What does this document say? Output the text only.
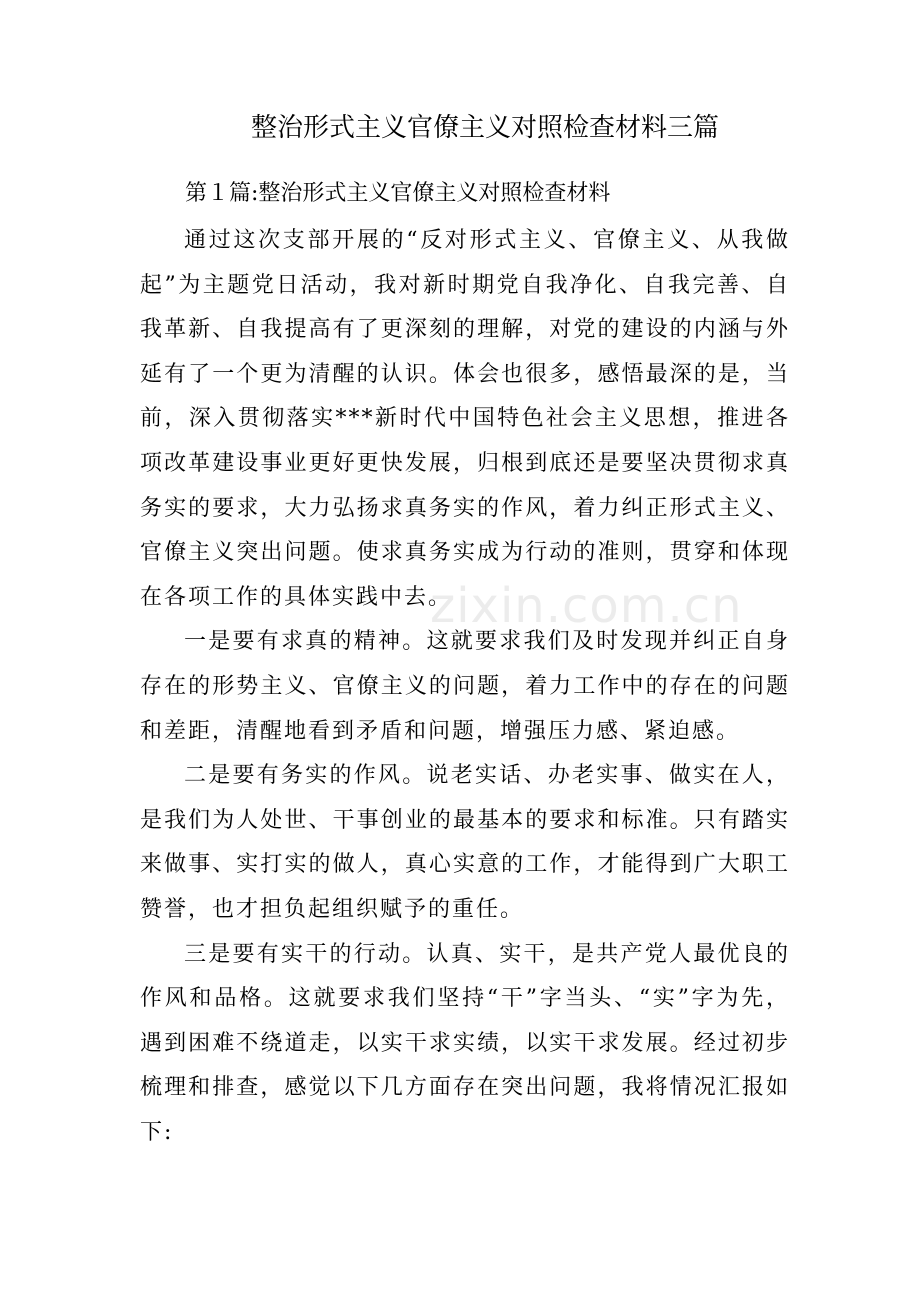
整治形式主义官僚主义对照检查材料三篇
第１篇:整治形式主义官僚主义对照检查材料

通过这次支部开展的“反对形式主义、官僚主义、从我做起”为主题党日活动，我对新时期党自我净化、自我完善、自我革新、自我提高有了更深刻的理解，对党的建设的内涵与外延有了一个更为清醒的认识。体会也很多，感悟最深的是，当前，深入贯彻落实***新时代中国特色社会主义思想，推进各项改革建设事业更好更快发展，归根到底还是要坚决贯彻求真务实的要求，大力弘扬求真务实的作风，着力纠正形式主义、官僚主义突出问题。使求真务实成为行动的准则，贯穿和体现在各项工作的具体实践中去。

一是要有求真的精神。这就要求我们及时发现并纠正自身存在的形势主义、官僚主义的问题，着力工作中的存在的问题和差距，清醒地看到矛盾和问题，增强压力感、紧迫感。

二是要有务实的作风。说老实话、办老实事、做实在人，是我们为人处世、干事创业的最基本的要求和标准。只有踏实来做事、实打实的做人，真心实意的工作，才能得到广大职工赞誉，也才担负起组织赋予的重任。

三是要有实干的行动。认真、实干，是共产党人最优良的作风和品格。这就要求我们坚持“干”字当头、“实”字为先，遇到困难不绕道走，以实干求实绩，以实干求发展。经过初步梳理和排查，感觉以下几方面存在突出问题，我将情况汇报如下:

zixin.com.cn
